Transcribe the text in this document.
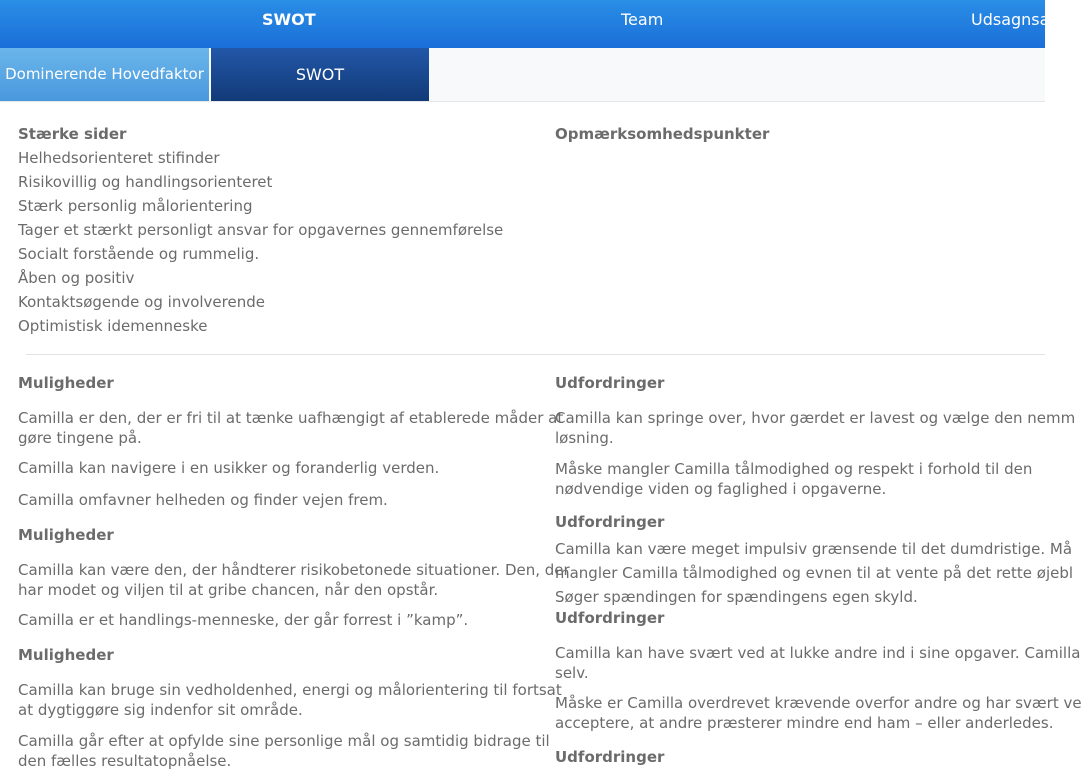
SWOT	Team	Udsagnsar
Dominerende Hovedfaktor	SWOT
Stærke sider
Helhedsorienteret stifinder
Risikovillig og handlingsorienteret
Stærk personlig målorientering
Tager et stærkt personligt ansvar for opgavernes gennemførelse
Socialt forstående og rummelig.
Åben og positiv
Kontaktsøgende og involverende
Optimistisk idemenneske
Opmærksomhedspunkter
Muligheder
Camilla er den, der er fri til at tænke uafhængigt af etablerede måder at
gøre tingene på.
Camilla kan navigere i en usikker og foranderlig verden.
Camilla omfavner helheden og finder vejen frem.
Muligheder
Camilla kan være den, der håndterer risikobetonede situationer. Den, der
har modet og viljen til at gribe chancen, når den opstår.
Camilla er et handlings-menneske, der går forrest i ”kamp”.
Muligheder
Camilla kan bruge sin vedholdenhed, energi og målorientering til fortsat
at dygtiggøre sig indenfor sit område.
Camilla går efter at opfylde sine personlige mål og samtidig bidrage til
den fælles resultatopnåelse.
Udfordringer
Camilla kan springe over, hvor gærdet er lavest og vælge den nemm
løsning.
Måske mangler Camilla tålmodighed og respekt i forhold til den
nødvendige viden og faglighed i opgaverne.
Udfordringer
Camilla kan være meget impulsiv grænsende til det dumdristige. Må
mangler Camilla tålmodighed og evnen til at vente på det rette øjebl
Søger spændingen for spændingens egen skyld.
Udfordringer
Camilla kan have svært ved at lukke andre ind i sine opgaver. Camilla
selv.
Måske er Camilla overdrevet krævende overfor andre og har svært ve
acceptere, at andre præsterer mindre end ham – eller anderledes.
Udfordringer
